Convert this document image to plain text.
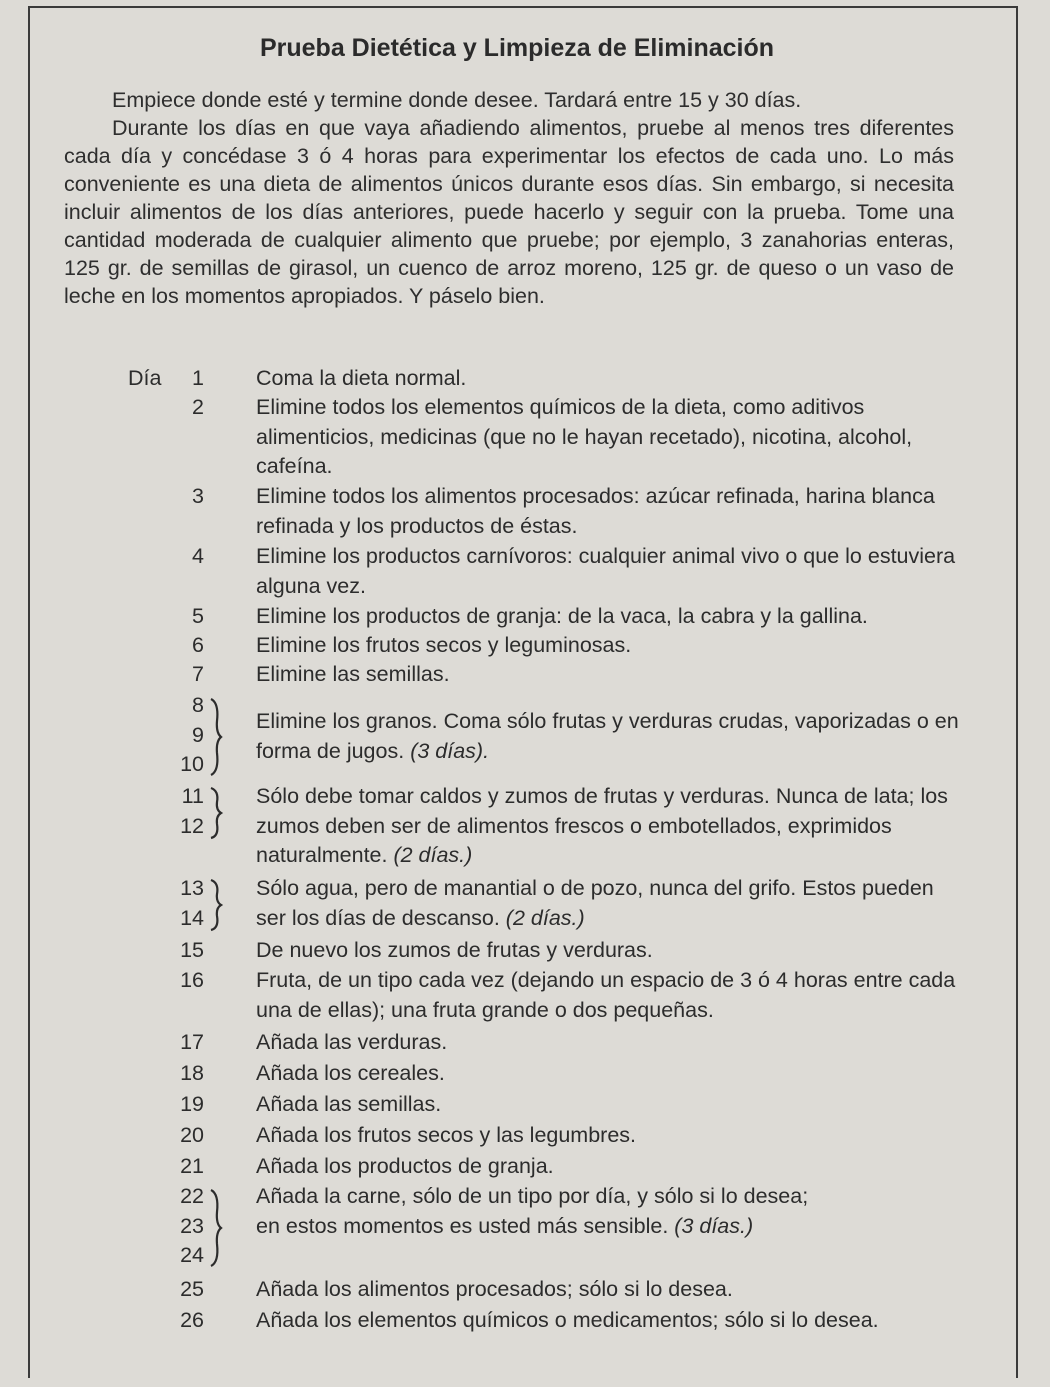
Prueba Dietética y Limpieza de Eliminación

Empiece donde esté y termine donde desee. Tardará entre 15 y 30 días.

Durante los días en que vaya añadiendo alimentos, pruebe al menos tres diferentes cada día y concédase 3 ó 4 horas para experimentar los efectos de cada uno. Lo más conveniente es una dieta de alimentos únicos durante esos días. Sin embargo, si necesita incluir alimentos de los días anteriores, puede hacerlo y seguir con la prueba. Tome una cantidad moderada de cualquier alimento que pruebe; por ejemplo, 3 zanahorias enteras, 125 gr. de semillas de girasol, un cuenco de arroz moreno, 125 gr. de queso o un vaso de leche en los momentos apropiados. Y páselo bien.

Día	1 Coma la dieta normal.
2 Elimine todos los elementos químicos de la dieta, como aditivos alimenticios, medicinas (que no le hayan recetado), nicotina, alcohol, cafeína.
3 Elimine todos los alimentos procesados: azúcar refinada, harina blanca refinada y los productos de éstas.
4 Elimine los productos carnívoros: cualquier animal vivo o que lo estuviera alguna vez.
5 Elimine los productos de granja: de la vaca, la cabra y la gallina.
6 Elimine los frutos secos y leguminosas.
7 Elimine las semillas.
8
9
10
Elimine los granos. Coma sólo frutas y verduras crudas, vaporizadas o en forma de jugos. (3 días).
11
12
Sólo debe tomar caldos y zumos de frutas y verduras. Nunca de lata; los zumos deben ser de alimentos frescos o embotellados, exprimidos naturalmente. (2 días.)
13
14
Sólo agua, pero de manantial o de pozo, nunca del grifo. Estos pueden ser los días de descanso. (2 días.)
15 De nuevo los zumos de frutas y verduras.
16 Fruta, de un tipo cada vez (dejando un espacio de 3 ó 4 horas entre cada una de ellas); una fruta grande o dos pequeñas.
17 Añada las verduras.
18 Añada los cereales.
19 Añada las semillas.
20 Añada los frutos secos y las legumbres.
21 Añada los productos de granja.
22
23
24
Añada la carne, sólo de un tipo por día, y sólo si lo desea; en estos momentos es usted más sensible. (3 días.)
25 Añada los alimentos procesados; sólo si lo desea.
26 Añada los elementos químicos o medicamentos; sólo si lo desea.
